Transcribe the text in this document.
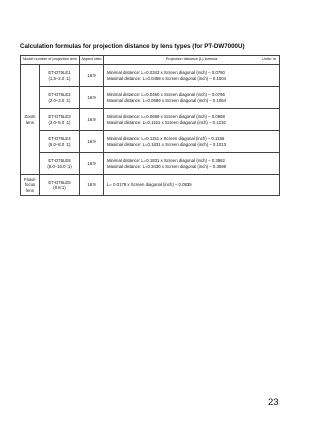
Calculation formulas for projection distance by lens types (for PT-DW7000U)
Model number of projection lens		Aspect ratio	Projection distance (L) formula Units: m

Zoom lens	ET-D75LE1
(1.5–2.0 :1)	16:9	Minimal distance: L=0.0343 x Screen diagonal (inch) – 0.0760
Maximal distance: L=0.0458 x Screen diagonal (inch) – 0.1004

	ET-D75LE2
(2.0–3.0 :1)	16:9	Minimal distance: L=0.0460 x Screen diagonal (inch) – 0.0795
Maximal distance: L=0.0689 x Screen diagonal (inch) – 0.1064

	ET-D75LE3
(3.0–5.0 :1)	16:9	Minimal distance: L=0.0689 x Screen diagonal (inch) – 0.0958
Maximal distance: L=0.1151 x Screen diagonal (inch) – 0.1216

	ET-D75LE4
(5.0–8.0 :1)	16:9	Minimal distance: L=0.1151 x Screen diagonal (inch) – 0.1156
Maximal distance: L=0.1831 x Screen diagonal (inch) – 0.1013

	ET-D75LE8
(8.0–15.0 :1)	16:9	Minimal distance: L=0.1831 x Screen diagonal (inch) – 0.3862
Maximal distance: L=0.3430 x Screen diagonal (inch) – 0.3598

Fixed-focus lens	ET-D75LE5
(0.8:1)	16:9	L= 0.0178 x Screen diagonal (inch) – 0.0835
23
